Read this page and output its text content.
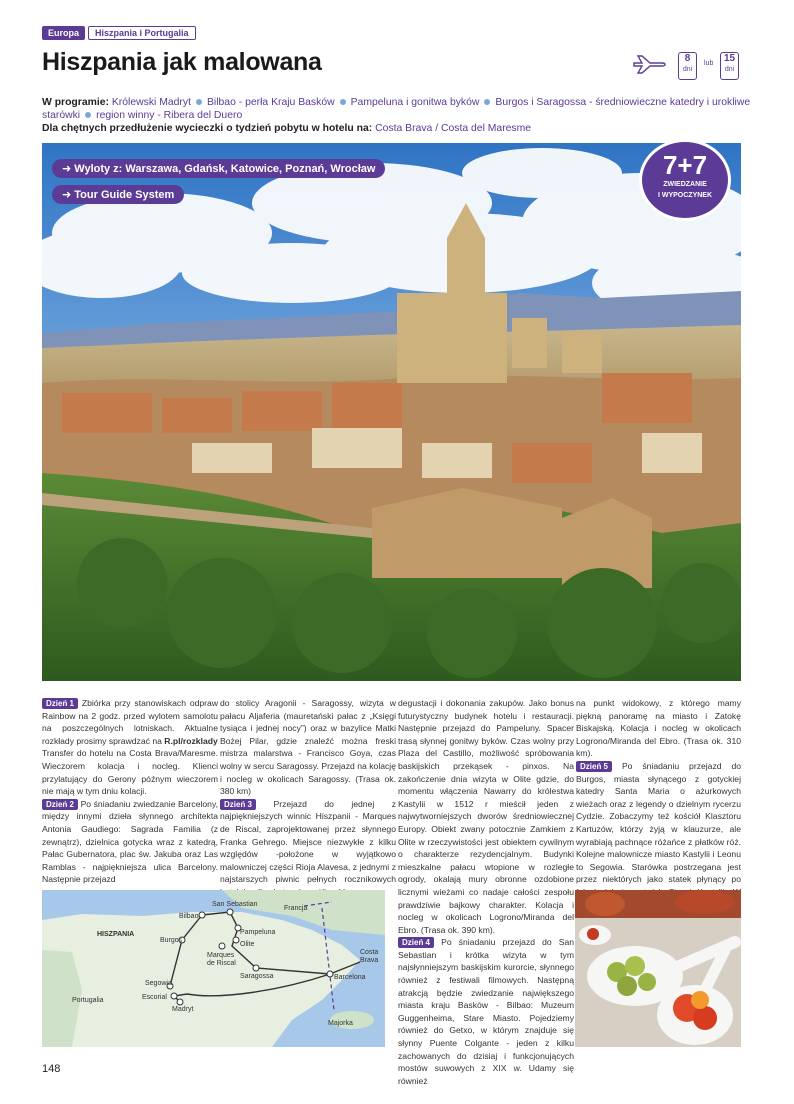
Europa	Hiszpania i Portugalia
Hiszpania jak malowana	8
dni
lub	15
dni
W programie: Królewski Madryt Bilbao - perła Kraju Basków Pampeluna i gonitwa byków Burgos i Saragossa - średniowieczne katedry i urokliwe starówki region winny - Ribera del Duero
Dla chętnych przedłużenie wycieczki o tydzień pobytu w hotelu na: Costa Brava / Costa del Maresme
➜ Wyloty z: Warszawa, Gdańsk, Katowice, Poznań, Wrocław
➜ Tour Guide System
7+7
ZWIEDZANIE
I WYPOCZYNEK

Dzień 1 Zbiórka przy stanowiskach odpraw Rainbow na 2 godz. przed wylotem samolotu na poszczególnych lotniskach. Aktualne rozkłady prosimy sprawdzać na R.pl/rozklady

Transfer do hotelu na Costa Brava/Maresme. Wieczorem kolacja i nocleg. Klienci przylatujący do Gerony późnym wieczorem nie mają w tym dniu kolacji.

Dzień 2 Po śniadaniu zwiedzanie Barcelony, między innymi dzieła słynnego architekta Antonia Gaudiego: Sagrada Familia (z zewnątrz), dzielnica gotycka wraz z katedrą, Pałac Gubernatora, plac św. Jakuba oraz Las Ramblas - najpiękniejsza ulica Barcelony. Następnie przejazd

do stolicy Aragonii - Saragossy, wizyta w pałacu Aljaferia (mauretański pałac z „Księgi tysiąca i jednej nocy”) oraz w bazylice Matki Bożej Pilar, gdzie znaleźć można freski mistrza malarstwa - Francisco Goya, czas wolny w sercu Saragossy. Przejazd na kolację i nocleg w okolicach Saragossy. (Trasa ok. 380 km)

Dzień 3 Przejazd do jednej z najpiękniejszych winnic Hiszpanii - Marques de Riscal, zaprojektowanej przez słynnego Franka Gehrego. Miejsce niezwykłe z kilku względów -położone w wyjątkowo malowniczej części Rioja Alavesa, z jednymi z najstarszych piwnic pełnych rocznikowych

degustacji i dokonania zakupów. Jako bonus futurystyczny budynek hotelu i restauracji. Następnie przejazd do Pampeluny. Spacer trasą słynnej gonitwy byków. Czas wolny przy Plaza del Castillo, możliwość spróbowania baskijskich przekąsek - pinxos. Na zakończenie dnia wizyta w Olite gdzie, do momentu włączenia Nawarry do królestwa Kastylii w 1512 r mieścił jeden z najwytworniejszych dworów średniowiecznej Europy. Obiekt zwany potocznie Zamkiem z Olite w rzeczywistości jest obiektem cywilnym o charakterze rezydencjalnym. Budynki mieszkalne pałacu wtopione w rozległe ogrody, okalają mury obronne ozdobione licznymi wieżami co nadaje całości zespołu prawdziwie bajkowy charakter. Kolacja i nocleg w okolicach Logrono/Miranda del Ebro. (Trasa ok. 390 km).

Dzień 4 Po śniadaniu przejazd do San Sebastian i krótka wizyta w tym najsłynniejszym baskijskim kurorcie, słynnego również z festiwali filmowych. Następną atrakcją będzie zwiedzanie największego miasta kraju Basków - Bilbao: Muzeum Guggenheima, Stare Miasto. Pojedziemy również do Getxo, w którym znajduje się słynny Puente Colgante - jeden z kilku zachowanych do dzisiaj i funkcjonujących mostów suwowych z XIX w. Udamy się również

na punkt widokowy, z którego mamy piękną panoramę na miasto i Zatokę Biskajską. Kolacja i nocleg w okolicach Logrono/Miranda del Ebro. (Trasa ok. 310 km).

Dzień 5 Po śniadaniu przejazd do Burgos, miasta słynącego z gotyckiej katedry Santa Maria o ażurkowych wieżach oraz z legendy o dzielnym rycerzu Cydzie. Zobaczymy też kościół Klasztoru Kartuzów, którzy żyją w klauzurze, ale wyrabiają pachnące różańce z płatków róż. Kolejne malownicze miasto Kastylii i Leonu to Segowia. Starówka postrzegana jest przez niektórych jako statek płynący po

HISZPANIA
Francja
Portugalia
Majorka
Bilbao
San Sebastian
Pampeluna
Olite
Marques
de Riscal
Burgos
Saragossa
Costa
Brava
Barcelona
Segowia
Escorial
Madryt
148
